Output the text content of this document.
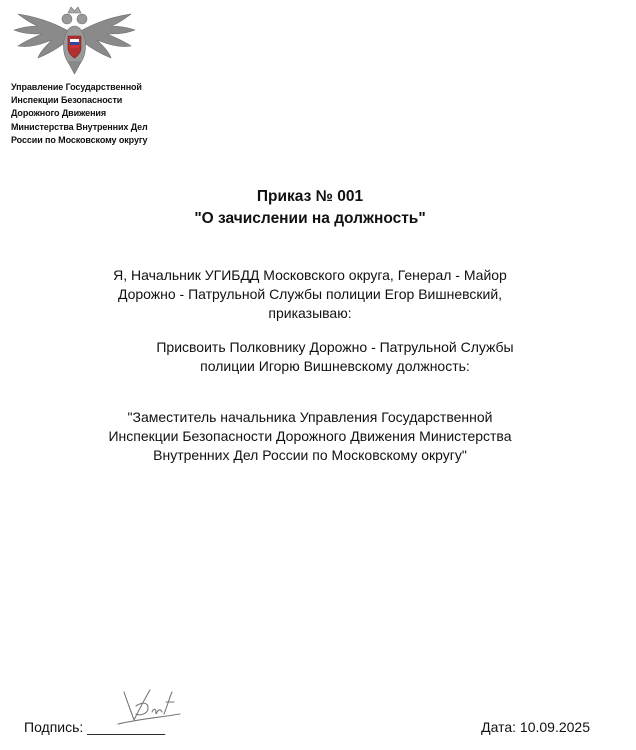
Управление Государственной
Инспекции Безопасности
Дорожного Движения
Министерства Внутренних Дел
России по Московскому округу
Приказ № 001
"О зачислении на должность"

Я, Начальник УГИБДД Московского округа, Генерал - Майор Дорожно - Патрульной Службы полиции Егор Вишневский, приказываю:

Присвоить Полковнику Дорожно - Патрульной Службы полиции Игорю Вишневскому должность:

"Заместитель начальника Управления Государственной Инспекции Безопасности Дорожного Движения Министерства Внутренних Дел России по Московскому округу"

Подпись: __________	Дата: 10.09.2025
